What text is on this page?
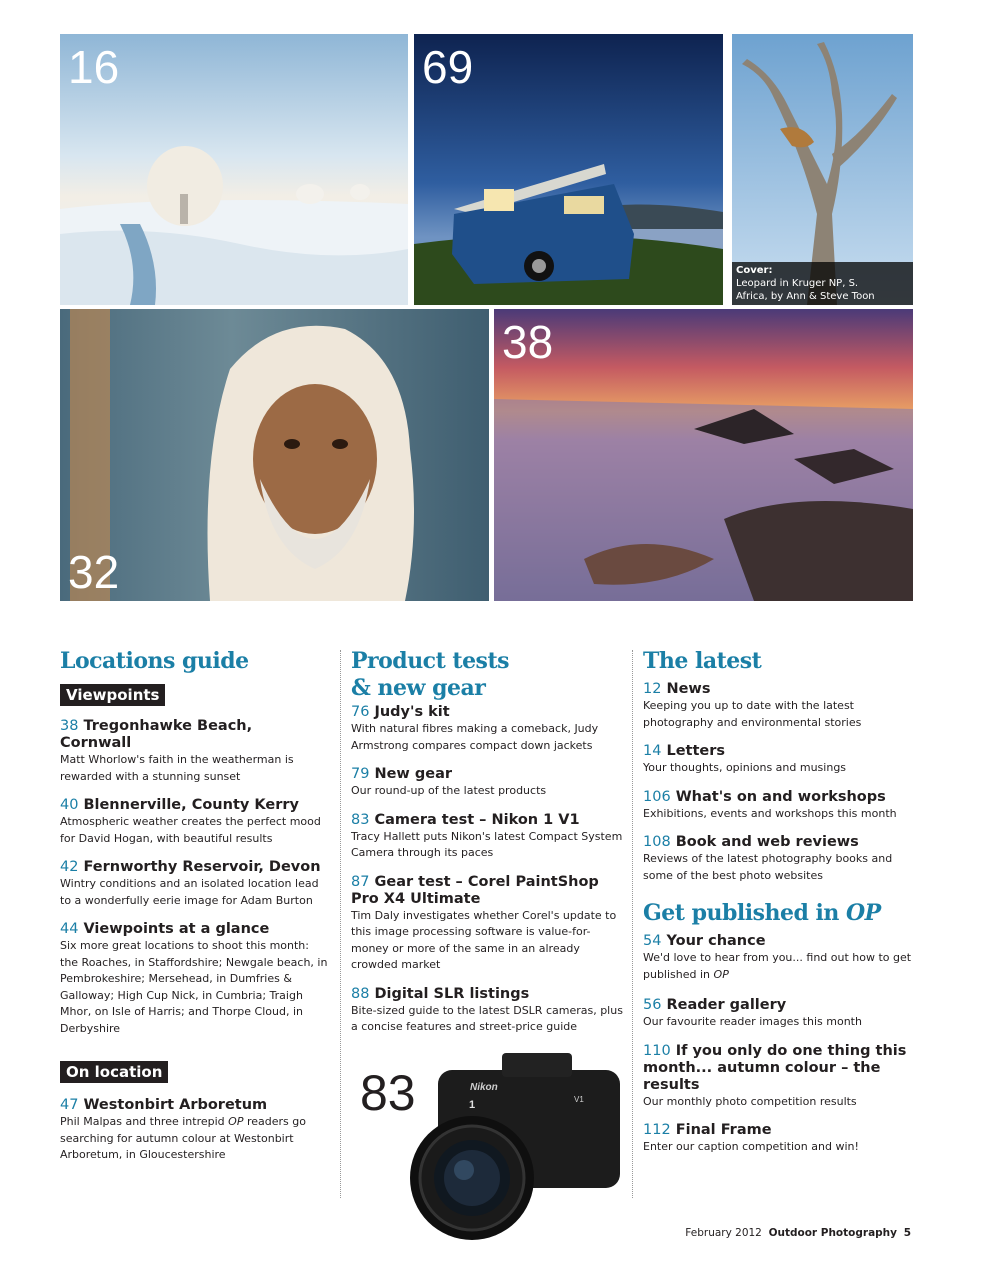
16	69
Cover: Leopard in Kruger NP, S. Africa, by Ann & Steve Toon
32
38
Locations guide
Viewpoints
38 Tregonhawke Beach, Cornwall
Matt Whorlow's faith in the weatherman is rewarded with a stunning sunset
40 Blennerville, County Kerry
Atmospheric weather creates the perfect mood for David Hogan, with beautiful results
42 Fernworthy Reservoir, Devon
Wintry conditions and an isolated location lead to a wonderfully eerie image for Adam Burton
44 Viewpoints at a glance
Six more great locations to shoot this month: the Roaches, in Staffordshire; Newgale beach, in Pembrokeshire; Mersehead, in Dumfries & Galloway; High Cup Nick, in Cumbria; Traigh Mhor, on Isle of Harris; and Thorpe Cloud, in Derbyshire
On location
47 Westonbirt Arboretum
Phil Malpas and three intrepid OP readers go searching for autumn colour at Westonbirt Arboretum, in Gloucestershire
Product tests
& new gear
76 Judy's kit
With natural fibres making a comeback, Judy Armstrong compares compact down jackets
79 New gear
Our round-up of the latest products
83 Camera test – Nikon 1 V1
Tracy Hallett puts Nikon's latest Compact System Camera through its paces
87 Gear test – Corel PaintShop Pro X4 Ultimate
Tim Daly investigates whether Corel's update to this image processing software is value-for-money or more of the same in an already crowded market
88 Digital SLR listings
Bite-sized guide to the latest DSLR cameras, plus a concise features and street-price guide
83	Nikon
1	V1
The latest
12 News
Keeping you up to date with the latest photography and environmental stories
14 Letters
Your thoughts, opinions and musings
106 What's on and workshops
Exhibitions, events and workshops this month
108 Book and web reviews
Reviews of the latest photography books and some of the best photo websites
Get published in OP
54 Your chance
We'd love to hear from you... find out how to get published in OP
56 Reader gallery
Our favourite reader images this month
110 If you only do one thing this month... autumn colour – the results
Our monthly photo competition results
112 Final Frame
Enter our caption competition and win!
February 2012 Outdoor Photography 5
